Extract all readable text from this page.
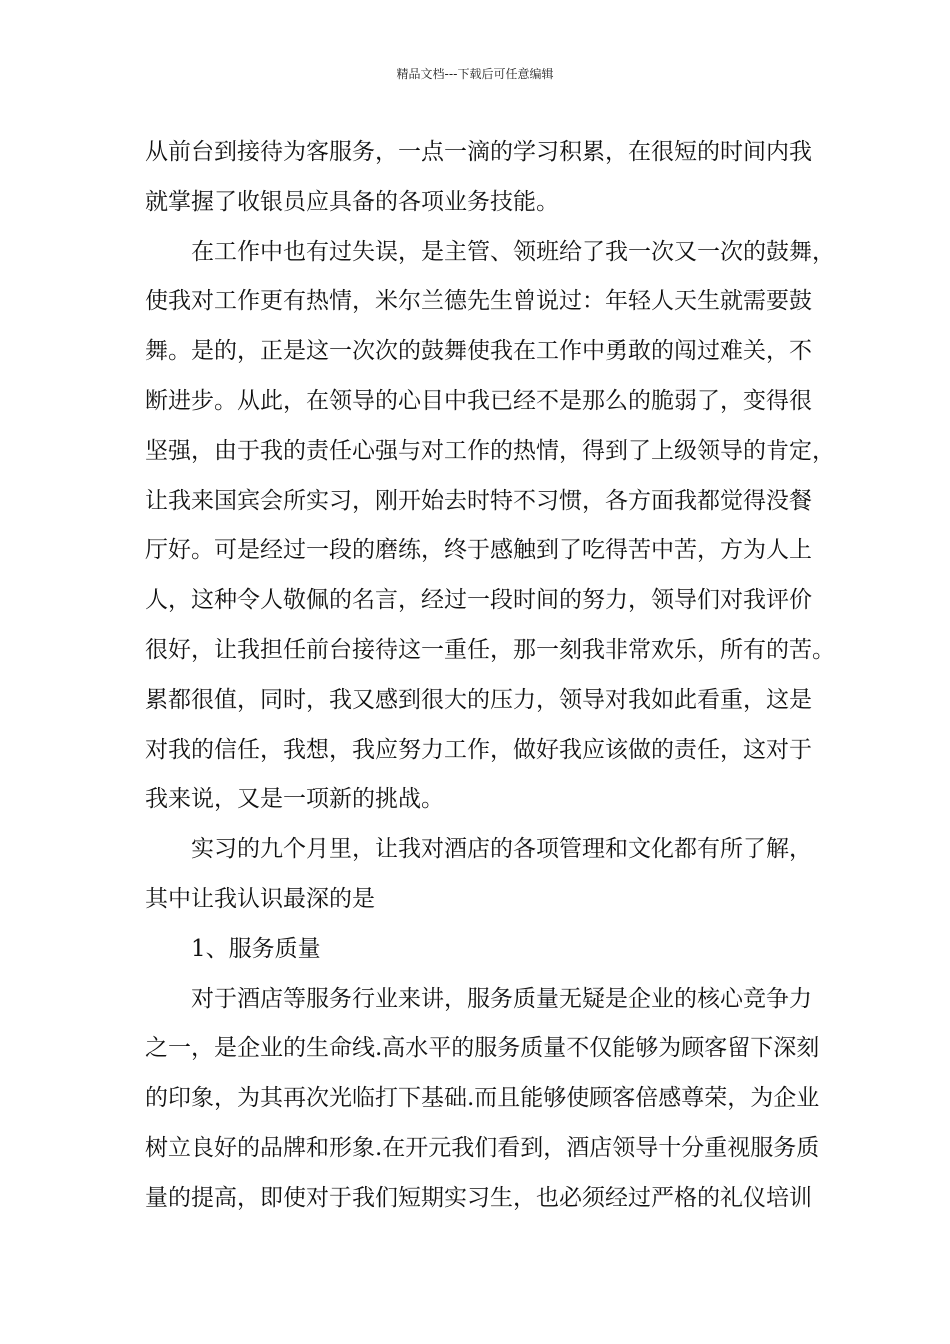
精品文档---下载后可任意编辑
从前台到接待为客服务，一点一滴的学习积累，在很短的时间内我
就掌握了收银员应具备的各项业务技能。
在工作中也有过失误，是主管、领班给了我一次又一次的鼓舞，
使我对工作更有热情，米尔兰德先生曾说过：年轻人天生就需要鼓
舞。是的，正是这一次次的鼓舞使我在工作中勇敢的闯过难关，不
断进步。从此，在领导的心目中我已经不是那么的脆弱了，变得很
坚强，由于我的责任心强与对工作的热情，得到了上级领导的肯定，
让我来国宾会所实习，刚开始去时特不习惯，各方面我都觉得没餐
厅好。可是经过一段的磨练，终于感触到了吃得苦中苦，方为人上
人，这种令人敬佩的名言，经过一段时间的努力，领导们对我评价
很好，让我担任前台接待这一重任，那一刻我非常欢乐，所有的苦。
累都很值，同时，我又感到很大的压力，领导对我如此看重，这是
对我的信任，我想，我应努力工作，做好我应该做的责任，这对于
我来说，又是一项新的挑战。
实习的九个月里，让我对酒店的各项管理和文化都有所了解，
其中让我认识最深的是
1、服务质量
对于酒店等服务行业来讲，服务质量无疑是企业的核心竞争力
之一，是企业的生命线.高水平的服务质量不仅能够为顾客留下深刻
的印象，为其再次光临打下基础.而且能够使顾客倍感尊荣，为企业
树立良好的品牌和形象.在开元我们看到，酒店领导十分重视服务质
量的提高，即使对于我们短期实习生，也必须经过严格的礼仪培训
